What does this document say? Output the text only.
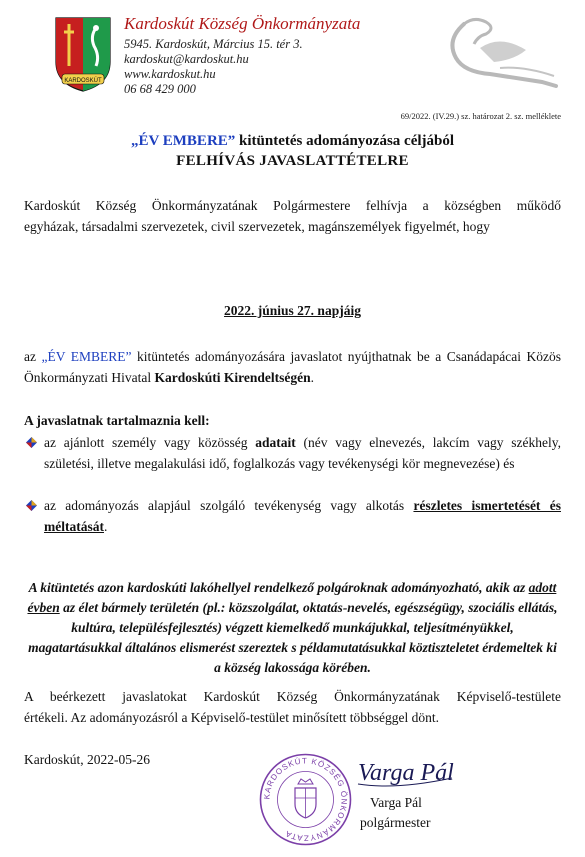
KARDOSKÚT
Kardoskút Község Önkormányzata
5945. Kardoskút, Március 15. tér 3.
kardoskut@kardoskut.hu
www.kardoskut.hu
06 68 429 000
69/2022. (IV.29.) sz. határozat 2. sz. melléklete
„ÉV EMBERE” kitüntetés adományozása céljából
FELHÍVÁS JAVASLATTÉTELRE
Kardoskút Község Önkormányzatának Polgármestere felhívja a községben működő
egyházak, társadalmi szervezetek, civil szervezetek, magánszemélyek figyelmét, hogy
2022. június 27. napjáig
az „ÉV EMBERE” kitüntetés adományozására javaslatot nyújthatnak be a Csanádapácai Közös Önkormányzati Hivatal Kardoskúti Kirendeltségén.
A javaslatnak tartalmaznia kell:
az ajánlott személy vagy közösség adatait (név vagy elnevezés, lakcím vagy székhely, születési, illetve megalakulási idő, foglalkozás vagy tevékenységi kör megnevezése) és
az adományozás alapjául szolgáló tevékenység vagy alkotás részletes ismertetését és méltatását.
A kitüntetés azon kardoskúti lakóhellyel rendelkező polgároknak adományozható, akik az adott évben az élet bármely területén (pl.: közszolgálat, oktatás-nevelés, egészségügy, szociális ellátás, kultúra, településfejlesztés) végzett kiemelkedő munkájukkal, teljesítményükkel, magatartásukkal általános elismerést szereztek s példamutatásukkal köztiszteletet érdemeltek ki a község lakossága körében.
A beérkezett javaslatokat Kardoskút Község Önkormányzatának Képviselő-testülete
értékeli. Az adományozásról a Képviselő-testület minősített többséggel dönt.
Kardoskút, 2022-05-26
KARDOSKÚT KÖZSÉG ÖNKORMÁNYZATA
Varga Pál
Varga Pál
polgármester
